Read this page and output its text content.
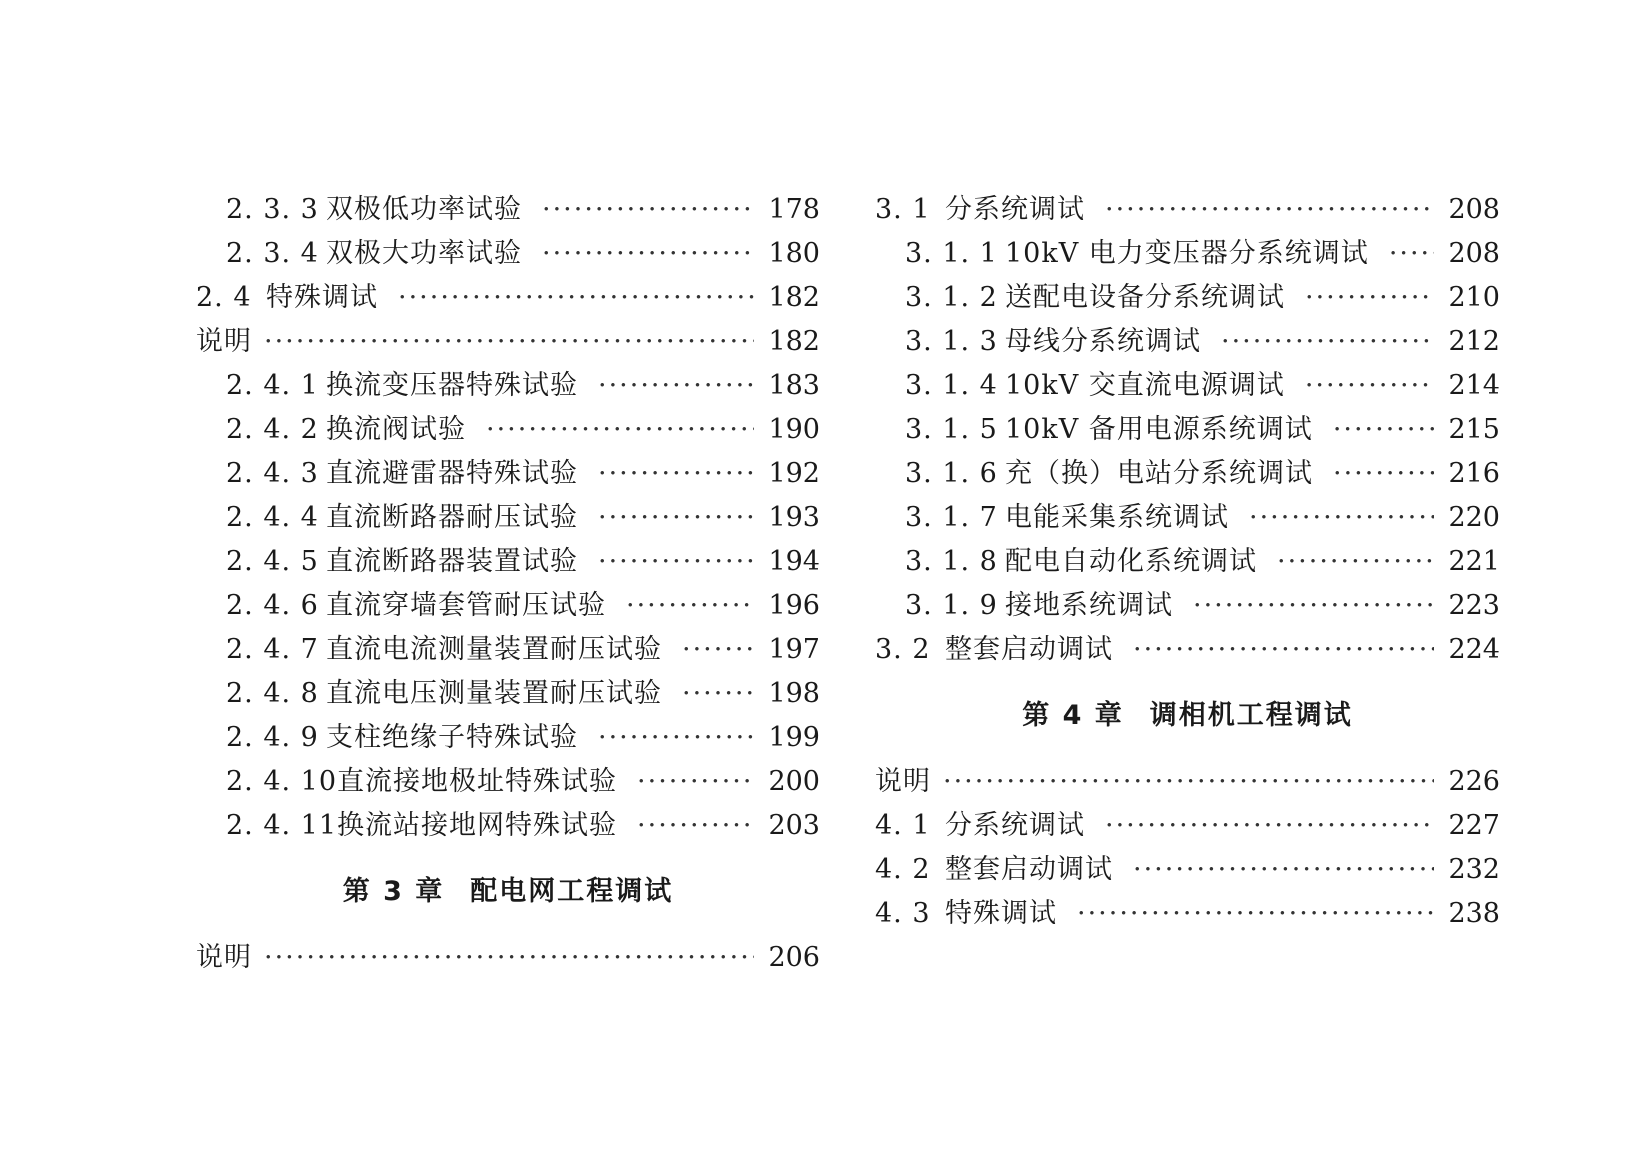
2. 3. 3 双极低功率试验 ·····	178
2. 3. 4 双极大功率试验 ·····	180
2. 4 特殊调试 ·····	182
说明 ·····	182
2. 4. 1 换流变压器特殊试验 ·····	183
2. 4. 2 换流阀试验 ·····	190
2. 4. 3 直流避雷器特殊试验 ·····	192
2. 4. 4 直流断路器耐压试验 ·····	193
2. 4. 5 直流断路器装置试验 ·····	194
2. 4. 6 直流穿墙套管耐压试验 ·····	196
2. 4. 7 直流电流测量装置耐压试验 ·····	197
2. 4. 8 直流电压测量装置耐压试验 ·····	198
2. 4. 9 支柱绝缘子特殊试验 ·····	199
2. 4. 10 直流接地极址特殊试验 ·····	200
2. 4. 11 换流站接地网特殊试验 ·····	203
第 3 章 配电网工程调试
说明 ·····	206
3. 1 分系统调试 ·····	208
3. 1. 1 10kV 电力变压器分系统调试 ·····	208
3. 1. 2 送配电设备分系统调试 ·····	210
3. 1. 3 母线分系统调试 ·····	212
3. 1. 4 10kV 交直流电源调试 ·····	214
3. 1. 5 10kV 备用电源系统调试 ·····	215
3. 1. 6 充（换）电站分系统调试 ·····	216
3. 1. 7 电能采集系统调试 ·····	220
3. 1. 8 配电自动化系统调试 ·····	221
3. 1. 9 接地系统调试 ·····	223
3. 2 整套启动调试 ·····	224
第 4 章 调相机工程调试
说明 ·····	226
4. 1 分系统调试 ·····	227
4. 2 整套启动调试 ·····	232
4. 3 特殊调试 ·····	238
